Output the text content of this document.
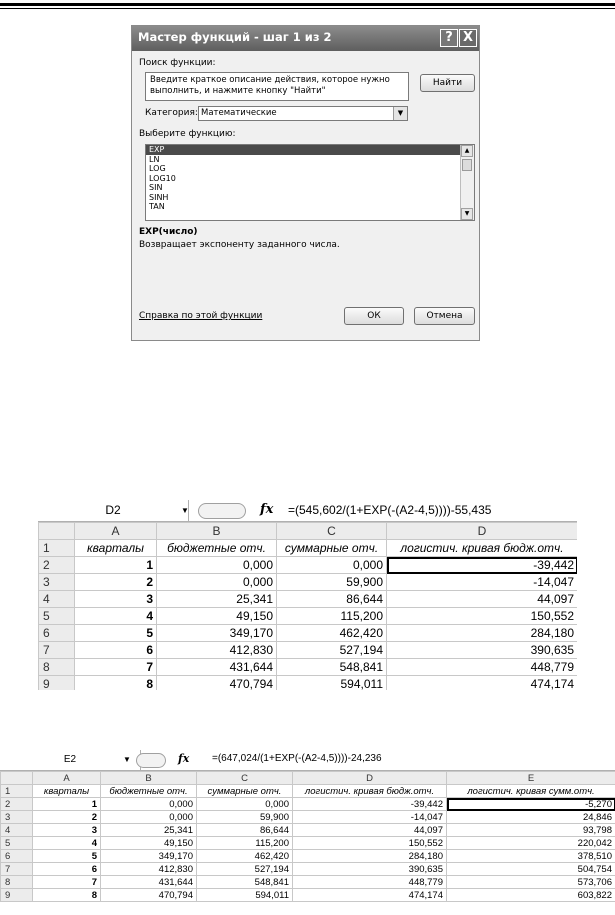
Мастер функций - шаг 1 из 2	? X
Поиск функции:
Введите краткое описание действия, которое нужно выполнить, и нажмите кнопку "Найти"
Найти
Категория: Математические	▼
Выберите функцию:
EXP
LN
LOG
LOG10
SIN
SINH
TAN
▲
▼
EXP(число)
Возвращает экспоненту заданного числа.
Справка по этой функции	ОК	Отмена
D2	▼	fx =(545,602/(1+EXP(-(A2-4,5))))-55,435
	A	B	C	D
1	кварталы	бюджетные отч.	суммарные отч.	логистич. кривая бюдж.отч.
2	1	0,000	0,000	-39,442
3	2	0,000	59,900	-14,047
4	3	25,341	86,644	44,097
5	4	49,150	115,200	150,552
6	5	349,170	462,420	284,180
7	6	412,830	527,194	390,635
8	7	431,644	548,841	448,779
9	8	470,794	594,011	474,174
E2	▼	fx =(647,024/(1+EXP(-(A2-4,5))))-24,236
	A	B	C	D	E
1	кварталы	бюджетные отч.	суммарные отч.	логистич. кривая бюдж.отч.	логистич. кривая сумм.отч.
2	1	0,000	0,000	-39,442	-5,270
3	2	0,000	59,900	-14,047	24,846
4	3	25,341	86,644	44,097	93,798
5	4	49,150	115,200	150,552	220,042
6	5	349,170	462,420	284,180	378,510
7	6	412,830	527,194	390,635	504,754
8	7	431,644	548,841	448,779	573,706
9	8	470,794	594,011	474,174	603,822
